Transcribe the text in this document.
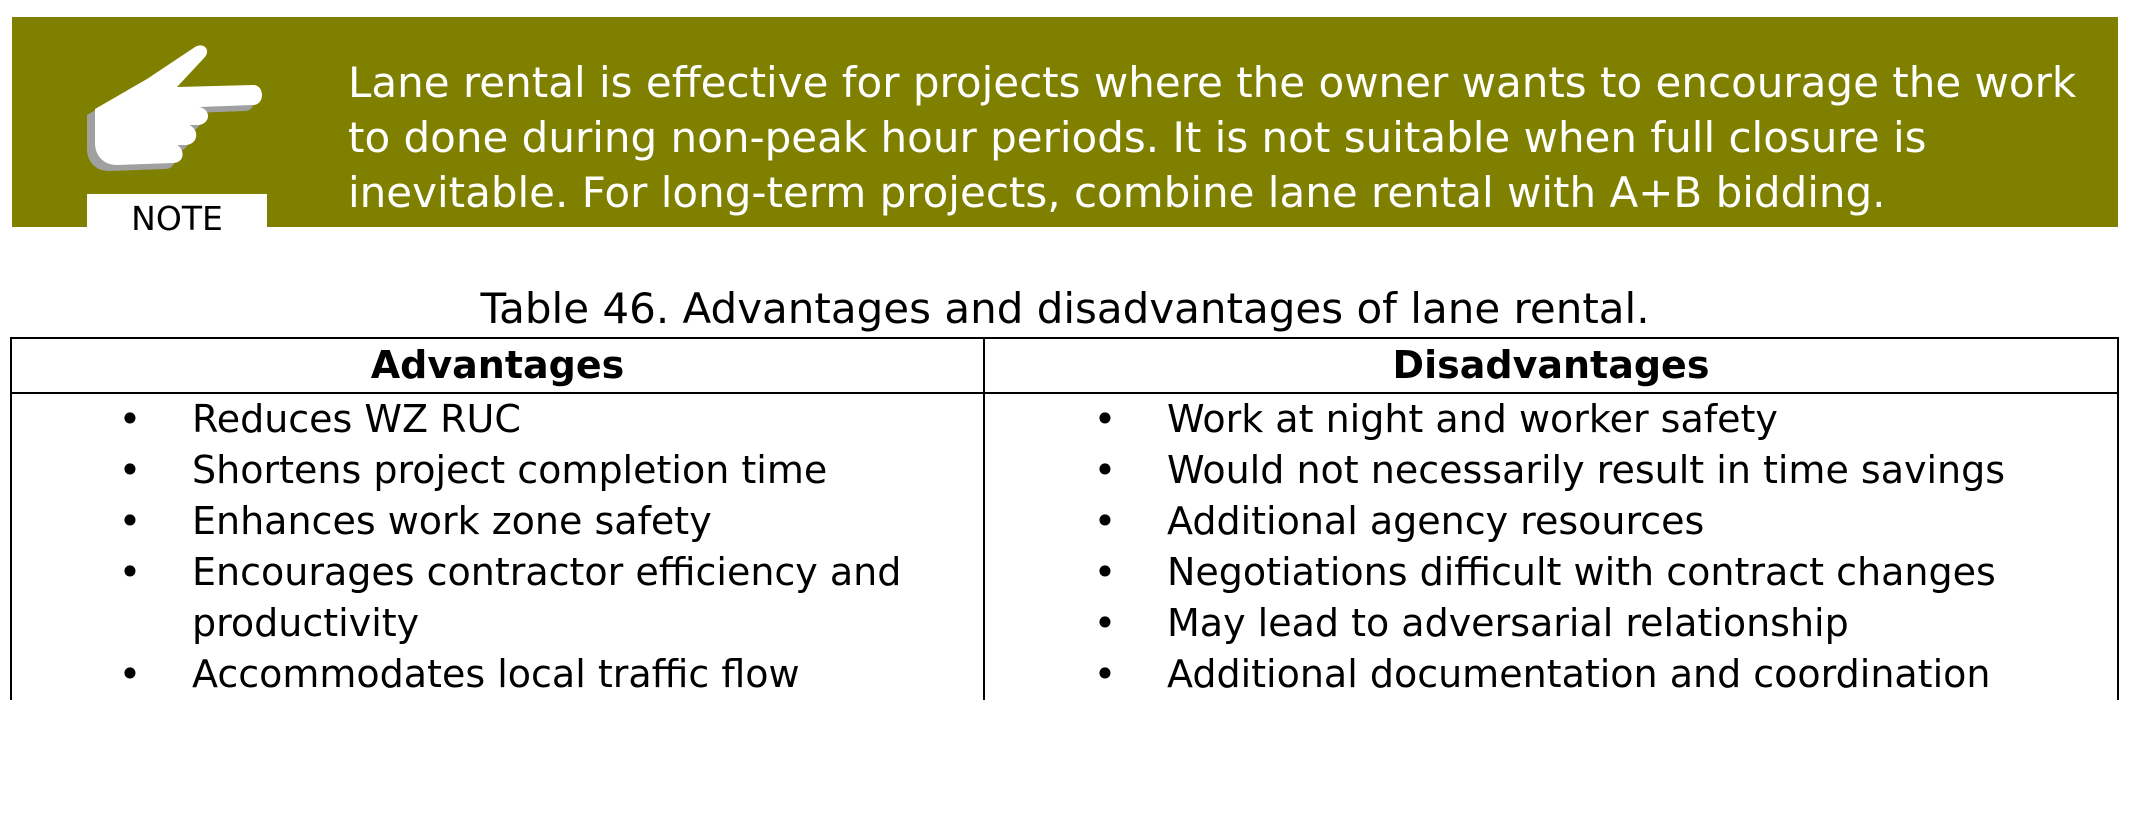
NOTE
Lane rental is effective for projects where the owner wants to encourage the work to done during non-peak hour periods. It is not suitable when full closure is inevitable. For long-term projects, combine lane rental with A+B bidding.
Table 46. Advantages and disadvantages of lane rental.
Advantages	Disadvantages
• Reduces WZ RUC
• Shortens project completion time
• Enhances work zone safety
• Encourages contractor efficiency and productivity
• Accommodates local traffic flow
• Work at night and worker safety
• Would not necessarily result in time savings
• Additional agency resources
• Negotiations difficult with contract changes
• May lead to adversarial relationship
• Additional documentation and coordination
